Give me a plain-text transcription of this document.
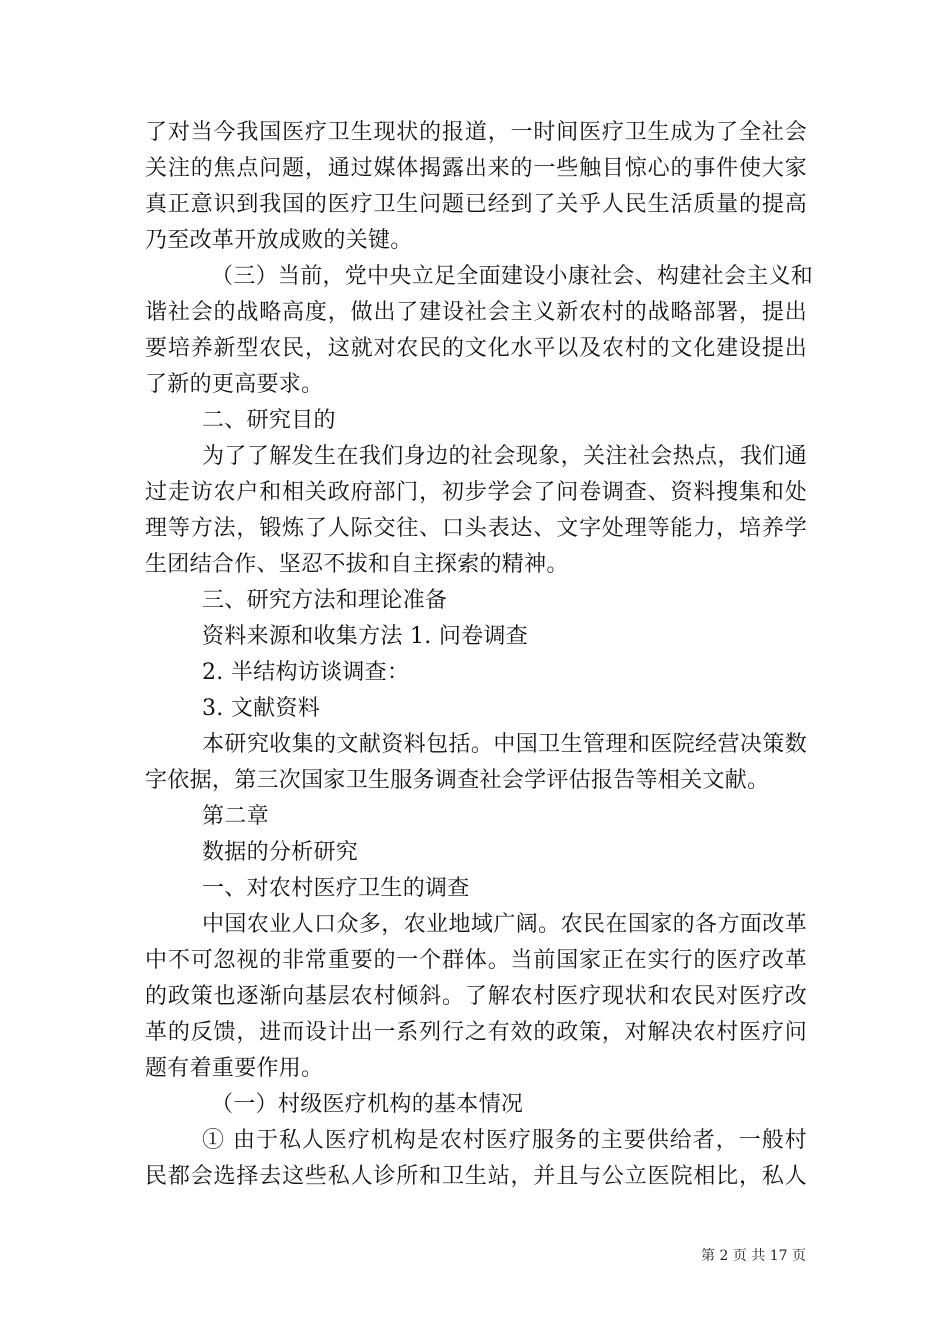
了对当今我国医疗卫生现状的报道，一时间医疗卫生成为了全社会
关注的焦点问题，通过媒体揭露出来的一些触目惊心的事件使大家
真正意识到我国的医疗卫生问题已经到了关乎人民生活质量的提高
乃至改革开放成败的关键。
（三）当前，党中央立足全面建设小康社会、构建社会主义和
谐社会的战略高度，做出了建设社会主义新农村的战略部署，提出
要培养新型农民，这就对农民的文化水平以及农村的文化建设提出
了新的更高要求。
二、研究目的
为了了解发生在我们身边的社会现象，关注社会热点，我们通
过走访农户和相关政府部门，初步学会了问卷调查、资料搜集和处
理等方法，锻炼了人际交往、口头表达、文字处理等能力，培养学
生团结合作、坚忍不拔和自主探索的精神。
三、研究方法和理论准备
资料来源和收集方法 1. 问卷调查
2. 半结构访谈调查：
3. 文献资料
本研究收集的文献资料包括。中国卫生管理和医院经营决策数
字依据，第三次国家卫生服务调查社会学评估报告等相关文献。
第二章
数据的分析研究
一、对农村医疗卫生的调查
中国农业人口众多，农业地域广阔。农民在国家的各方面改革
中不可忽视的非常重要的一个群体。当前国家正在实行的医疗改革
的政策也逐渐向基层农村倾斜。了解农村医疗现状和农民对医疗改
革的反馈，进而设计出一系列行之有效的政策，对解决农村医疗问
题有着重要作用。
（一）村级医疗机构的基本情况
① 由于私人医疗机构是农村医疗服务的主要供给者，一般村
民都会选择去这些私人诊所和卫生站，并且与公立医院相比，私人
第 2 页 共 17 页
